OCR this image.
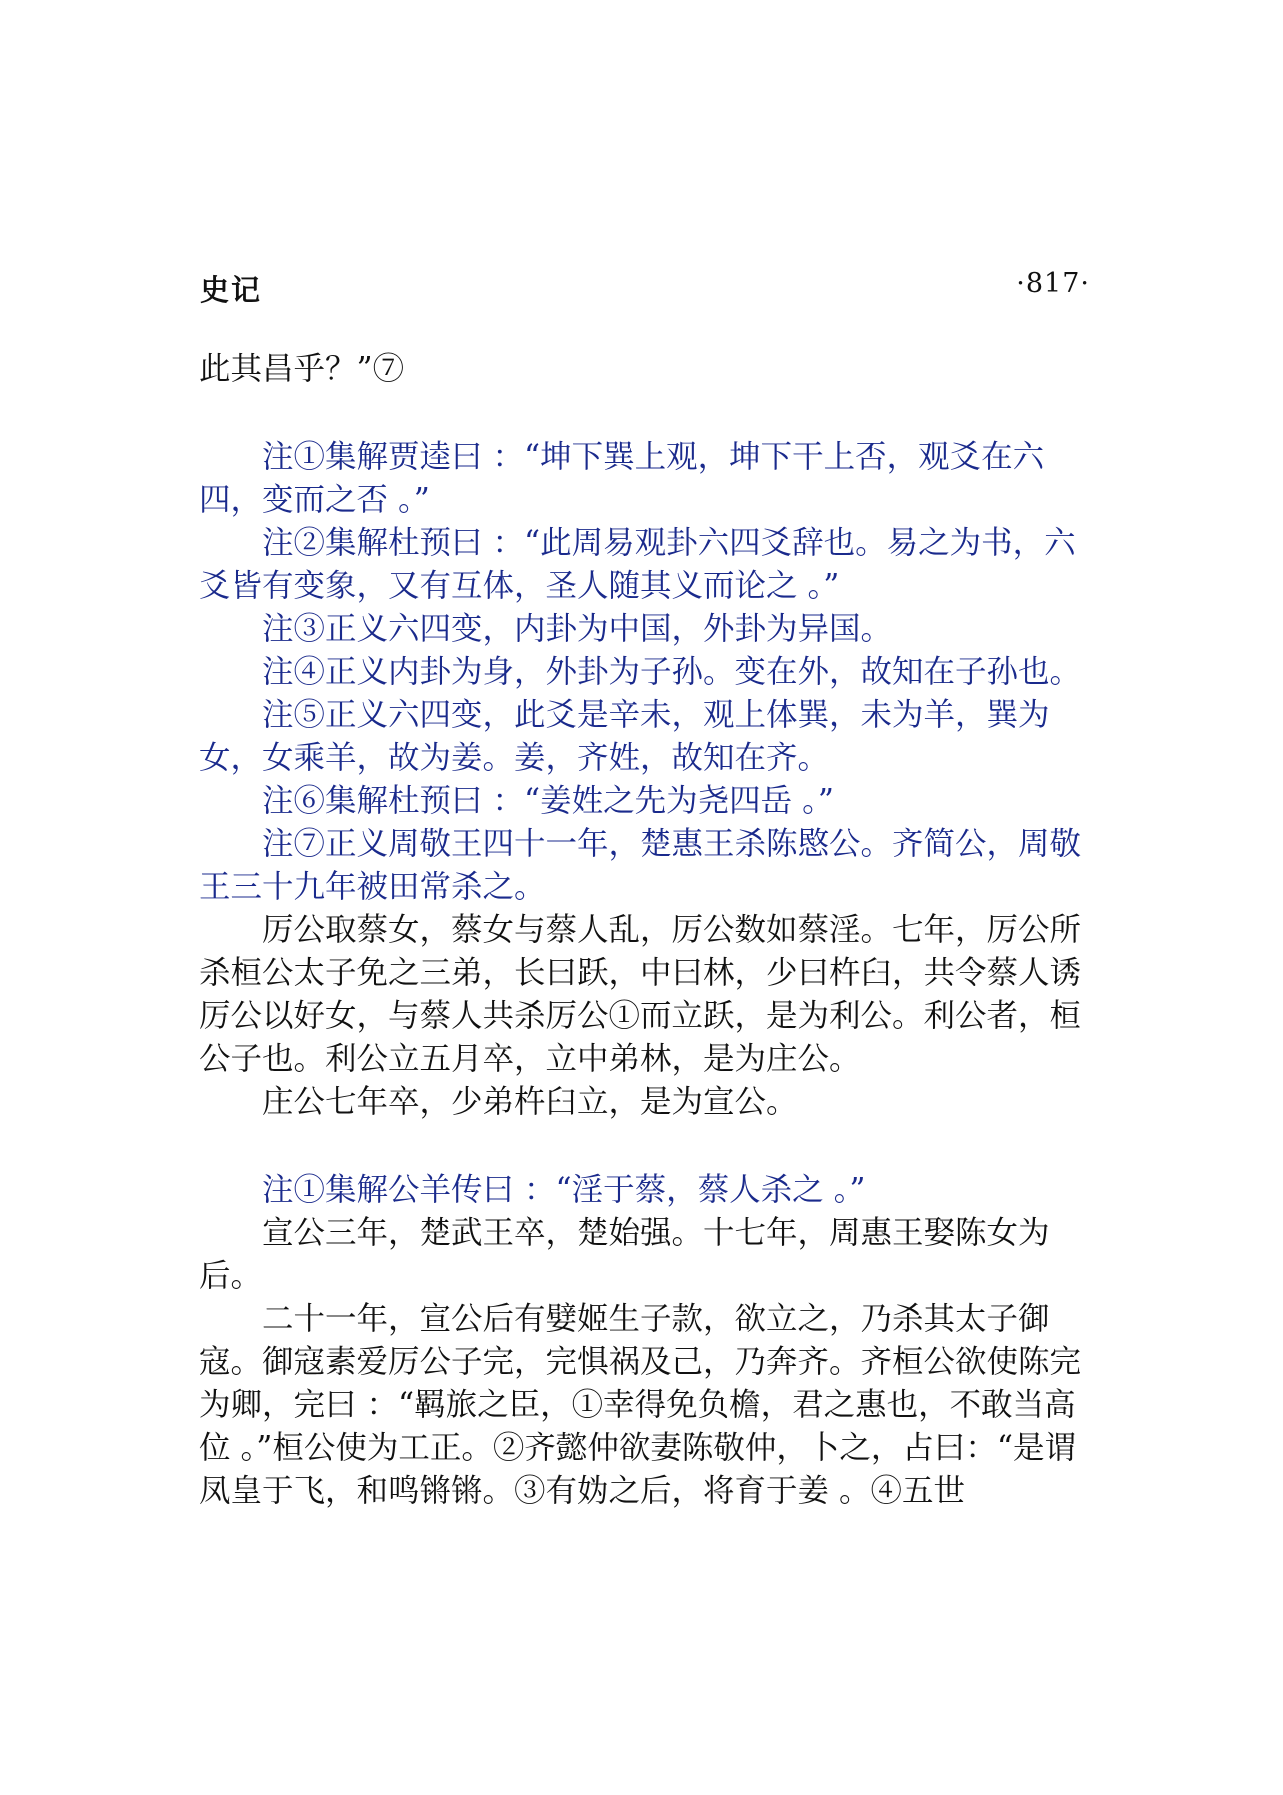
史记	·817·

此其昌乎？”⑦

注①集解贾逵曰 ：“坤下巽上观，坤下干上否，观爻在六四，变而之否 。”

注②集解杜预曰 ：“此周易观卦六四爻辞也。易之为书，六爻皆有变象，又有互体，圣人随其义而论之 。”

注③正义六四变，内卦为中国，外卦为异国。

注④正义内卦为身，外卦为子孙。变在外，故知在子孙也。

注⑤正义六四变，此爻是辛未，观上体巽，未为羊，巽为女，女乘羊，故为姜。姜，齐姓，故知在齐。

注⑥集解杜预曰 ：“姜姓之先为尧四岳 。”

注⑦正义周敬王四十一年，楚惠王杀陈愍公。齐简公，周敬王三十九年被田常杀之。

厉公取蔡女，蔡女与蔡人乱，厉公数如蔡淫。七年，厉公所杀桓公太子免之三弟，长曰跃，中曰林，少曰杵臼，共令蔡人诱厉公以好女，与蔡人共杀厉公①而立跃，是为利公。利公者，桓公子也。利公立五月卒，立中弟林，是为庄公。

庄公七年卒，少弟杵臼立，是为宣公。

注①集解公羊传曰 ：“淫于蔡，蔡人杀之 。”

宣公三年，楚武王卒，楚始强。十七年，周惠王娶陈女为后。

二十一年，宣公后有嬖姬生子款，欲立之，乃杀其太子御寇。御寇素爱厉公子完，完惧祸及己，乃奔齐。齐桓公欲使陈完为卿，完曰 ：“羁旅之臣，①幸得免负檐，君之惠也，不敢当高位 。”桓公使为工正。②齐懿仲欲妻陈敬仲，卜之，占曰：“是谓凤皇于飞，和鸣锵锵。③有妫之后，将育于姜 。④五世
